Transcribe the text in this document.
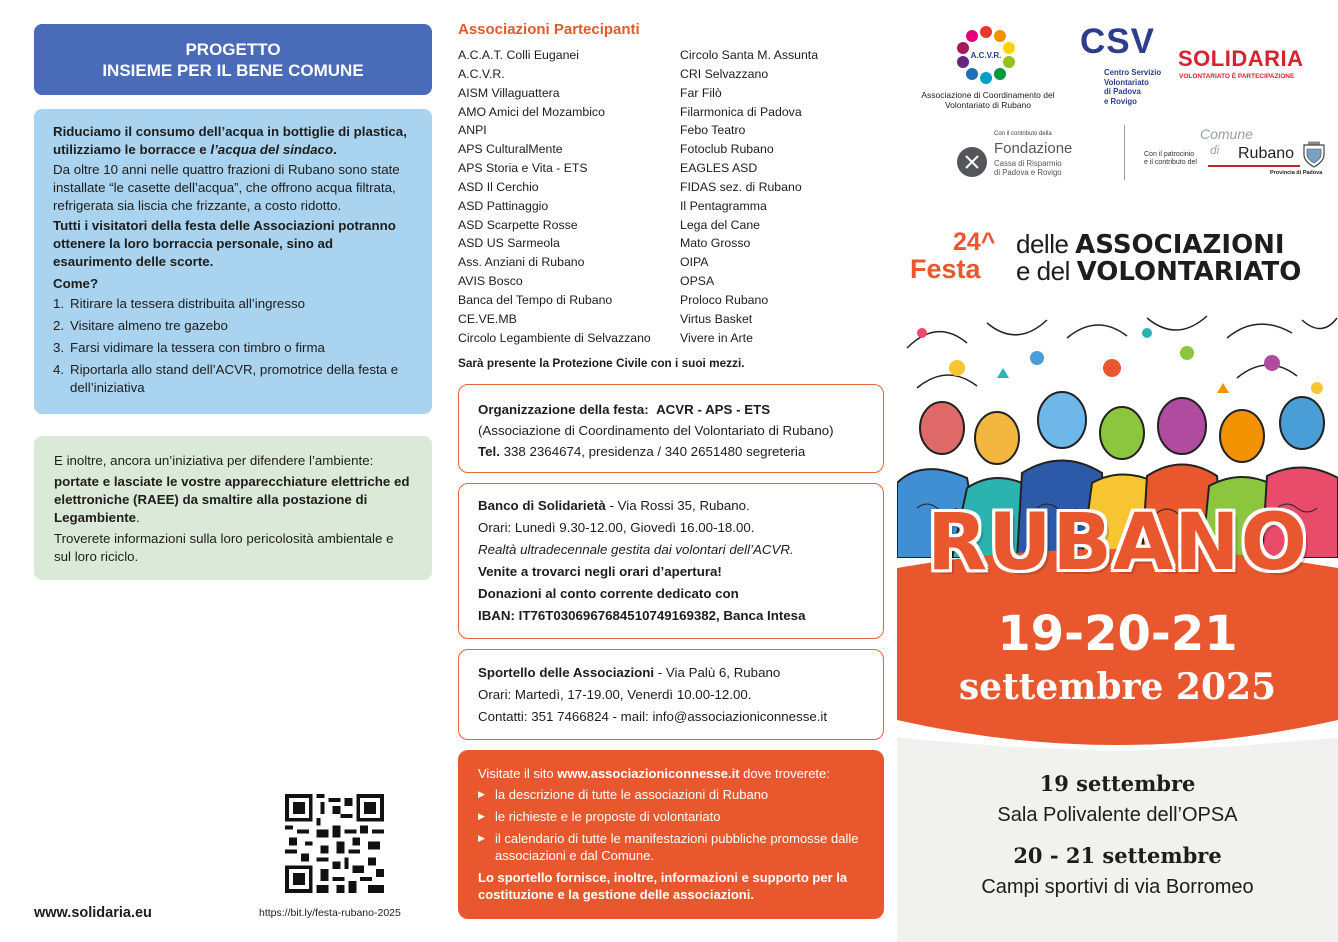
PROGETTO
INSIEME PER IL BENE COMUNE

Riduciamo il consumo dell’acqua in bottiglie di plastica, utilizziamo le borracce e l’acqua del sindaco.

Da oltre 10 anni nelle quattro frazioni di Rubano sono state installate “le casette dell’acqua”, che offrono acqua filtrata, refrigerata sia liscia che frizzante, a costo ridotto.

Tutti i visitatori della festa delle Associazioni potranno ottenere la loro borraccia personale, sino ad esaurimento delle scorte.

Come?

1. Ritirare la tessera distribuita all’ingresso
2. Visitare almeno tre gazebo
3. Farsi vidimare la tessera con timbro o firma
4. Riportarla allo stand dell’ACVR, promotrice della festa e dell’iniziativa

E inoltre, ancora un’iniziativa per difendere l’ambiente:

portate e lasciate le vostre apparecchiature elettriche ed elettroniche (RAEE) da smaltire alla postazione di Legambiente.

Troverete informazioni sulla loro pericolosità ambientale e sul loro riciclo.

www.solidaria.eu	https://bit.ly/festa-rubano-2025
Associazioni Partecipanti
A.C.A.T. Colli Euganei
A.C.V.R.
AISM Villaguattera
AMO Amici del Mozambico
ANPI
APS CulturalMente
APS Storia e Vita - ETS
ASD Il Cerchio
ASD Pattinaggio
ASD Scarpette Rosse
ASD US Sarmeola
Ass. Anziani di Rubano
AVIS Bosco
Banca del Tempo di Rubano
CE.VE.MB
Circolo Legambiente di Selvazzano
Circolo Santa M. Assunta
CRI Selvazzano
Far Filò
Filarmonica di Padova
Febo Teatro
Fotoclub Rubano
EAGLES ASD
FIDAS sez. di Rubano
Il Pentagramma
Lega del Cane
Mato Grosso
OIPA
OPSA
Proloco Rubano
Virtus Basket
Vivere in Arte
Sarà presente la Protezione Civile con i suoi mezzi.
Organizzazione della festa: ACVR - APS - ETS
(Associazione di Coordinamento del Volontariato di Rubano)
Tel. 338 2364674, presidenza / 340 2651480 segreteria
Banco di Solidarietà - Via Rossi 35, Rubano.
Orari: Lunedì 9.30-12.00, Giovedì 16.00-18.00.
Realtà ultradecennale gestita dai volontari dell’ACVR.
Venite a trovarci negli orari d’apertura!
Donazioni al conto corrente dedicato con
IBAN: IT76T0306967684510749169382, Banca Intesa
Sportello delle Associazioni - Via Palù 6, Rubano
Orari: Martedì, 17-19.00, Venerdì 10.00-12.00.
Contatti: 351 7466824 - mail: info@associazioniconnesse.it
Visitate il sito www.associazioniconnesse.it dove troverete:
▶ la descrizione di tutte le associazioni di Rubano
▶ le richieste e le proposte di volontariato
▶ il calendario di tutte le manifestazioni pubbliche promosse dalle associazioni e dal Comune.
Lo sportello fornisce, inoltre, informazioni e supporto per la costituzione e la gestione delle associazioni.
A.C.V.R.
Associazione di Coordinamento del Volontariato di Rubano
CSV
Centro Servizio
Volontariato
di Padova
e Rovigo
SOLIDARIA
VOLONTARIATO È PARTECIPAZIONE
Con il contributo della
Fondazione
Cassa di Risparmio
di Padova e Rovigo
Con il patrocinio
e il contributo del
Comune
di Rubano
Provincia di Padova
24^
Festa
delle ASSOCIAZIONI
e del VOLONTARIATO
RUBANO
19-20-21
settembre 2025
19 settembre
Sala Polivalente dell’OPSA
20 - 21 settembre
Campi sportivi di via Borromeo
